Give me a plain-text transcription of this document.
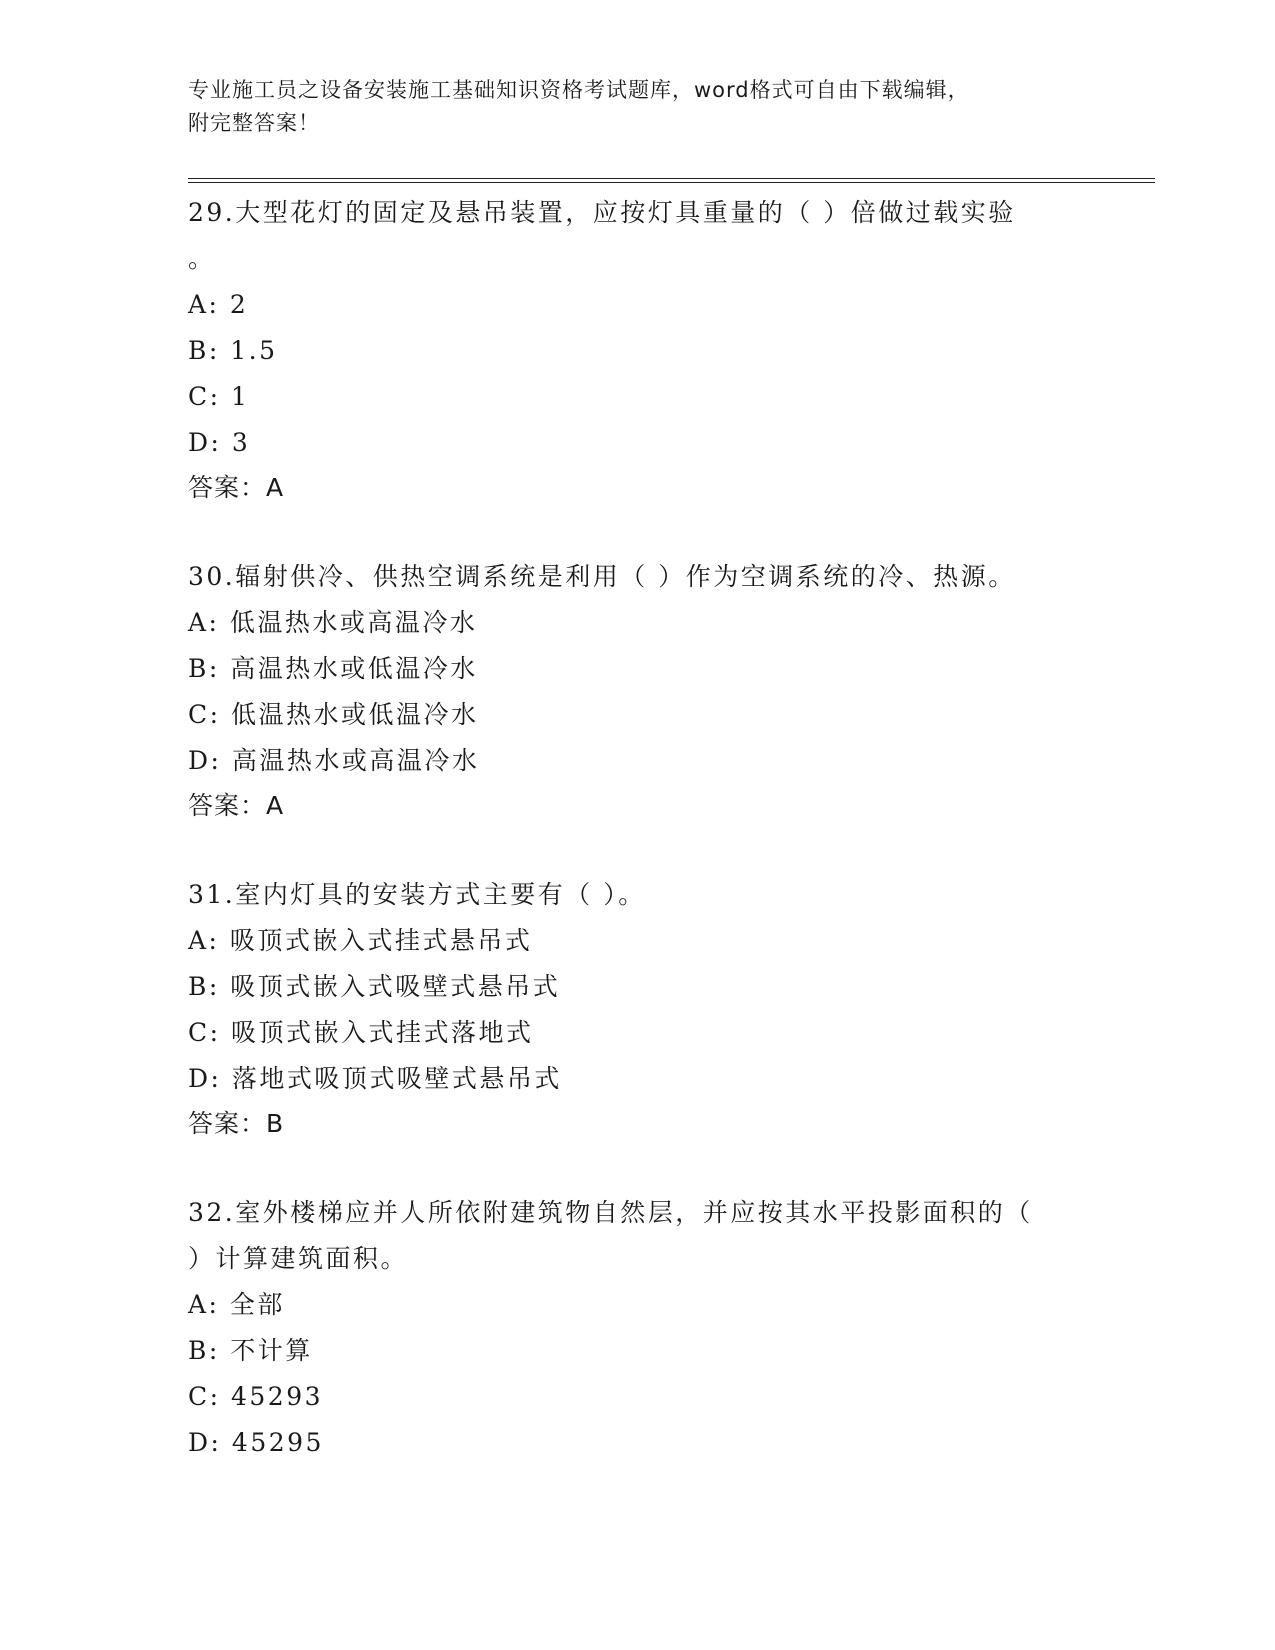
专业施工员之设备安装施工基础知识资格考试题库，word格式可自由下载编辑，
附完整答案！

29.大型花灯的固定及悬吊装置，应按灯具重量的（ ）倍做过载实验

。

A: 2

B: 1.5

C: 1

D: 3

答案：A

30.辐射供冷、供热空调系统是利用（ ）作为空调系统的冷、热源。

A: 低温热水或高温冷水

B: 高温热水或低温冷水

C: 低温热水或低温冷水

D: 高温热水或高温冷水

答案：A

31.室内灯具的安装方式主要有（ ）。

A: 吸顶式嵌入式挂式悬吊式

B: 吸顶式嵌入式吸壁式悬吊式

C: 吸顶式嵌入式挂式落地式

D: 落地式吸顶式吸壁式悬吊式

答案：B

32.室外楼梯应并人所依附建筑物自然层，并应按其水平投影面积的（

）计算建筑面积。

A: 全部

B: 不计算

C: 45293

D: 45295
